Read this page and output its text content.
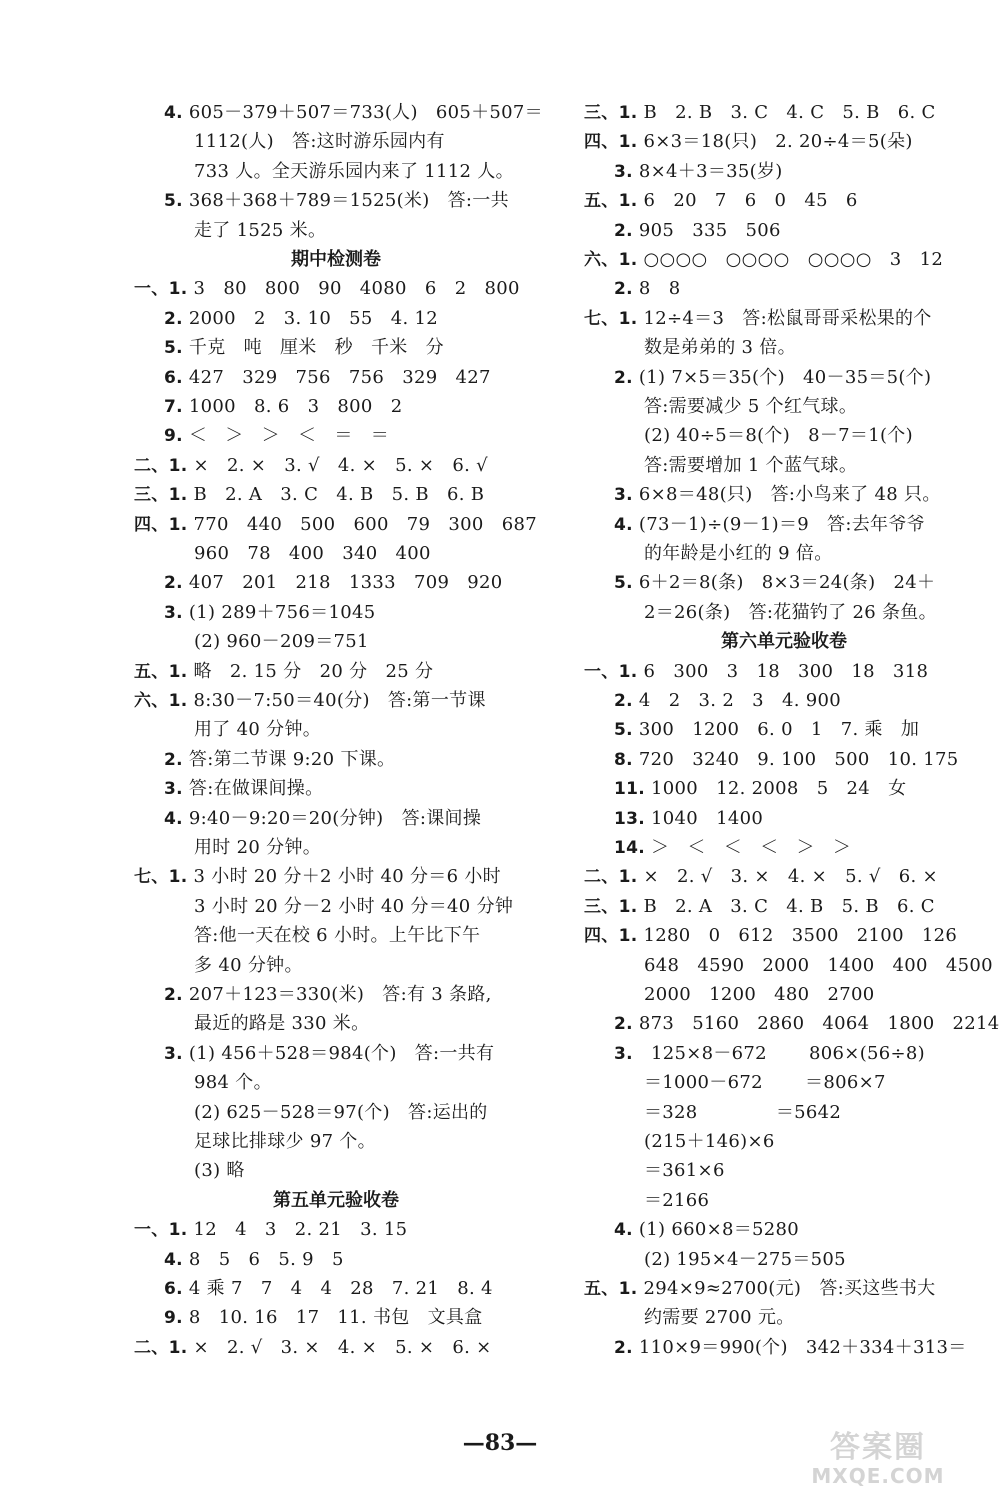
4. 605－379＋507＝733(人)   605＋507＝
1112(人)   答:这时游乐园内有
733 人。全天游乐园内来了 1112 人。
5. 368＋368＋789＝1525(米)   答:一共
走了 1525 米。
期中检测卷
一、1. 3   80   800   90   4080   6   2   800
2. 2000   2   3. 10   55   4. 12
5. 千克   吨   厘米   秒   千米   分
6. 427   329   756   756   329   427
7. 1000   8. 6   3   800   2
9. ＜   ＞   ＞   ＜   ＝   ＝
二、1. ×   2. ×   3. √   4. ×   5. ×   6. √
三、1. B   2. A   3. C   4. B   5. B   6. B
四、1. 770   440   500   600   79   300   687
960   78   400   340   400
2. 407   201   218   1333   709   920
3. (1) 289＋756＝1045
(2) 960－209＝751
五、1. 略   2. 15 分   20 分   25 分
六、1. 8:30－7:50＝40(分)   答:第一节课
用了 40 分钟。
2. 答:第二节课 9:20 下课。
3. 答:在做课间操。
4. 9:40－9:20＝20(分钟)   答:课间操
用时 20 分钟。
七、1. 3 小时 20 分＋2 小时 40 分＝6 小时
3 小时 20 分－2 小时 40 分＝40 分钟
答:他一天在校 6 小时。上午比下午
多 40 分钟。
2. 207＋123＝330(米)   答:有 3 条路,
最近的路是 330 米。
3. (1) 456＋528＝984(个)   答:一共有
984 个。
(2) 625－528＝97(个)   答:运出的
足球比排球少 97 个。
(3) 略
第五单元验收卷
一、1. 12   4   3   2. 21   3. 15
4. 8   5   6   5. 9   5
6. 4 乘 7   7   4   4   28   7. 21   8. 4
9. 8   10. 16   17   11. 书包   文具盒
二、1. ×   2. √   3. ×   4. ×   5. ×   6. ×
三、1. B   2. B   3. C   4. C   5. B   6. C
四、1. 6×3＝18(只)   2. 20÷4＝5(朵)
3. 8×4＋3＝35(岁)
五、1. 6   20   7   6   0   45   6
2. 905   335   506
六、1. ○○○○   ○○○○   ○○○○   3   12
2. 8   8
七、1. 12÷4＝3   答:松鼠哥哥采松果的个
数是弟弟的 3 倍。
2. (1) 7×5＝35(个)   40－35＝5(个)
答:需要减少 5 个红气球。
(2) 40÷5＝8(个)   8－7＝1(个)
答:需要增加 1 个蓝气球。
3. 6×8＝48(只)   答:小鸟来了 48 只。
4. (73－1)÷(9－1)＝9   答:去年爷爷
的年龄是小红的 9 倍。
5. 6＋2＝8(条)   8×3＝24(条)   24＋
2＝26(条)   答:花猫钓了 26 条鱼。
第六单元验收卷
一、1. 6   300   3   18   300   18   318
2. 4   2   3. 2   3   4. 900
5. 300   1200   6. 0   1   7. 乘   加
8. 720   3240   9. 100   500   10. 175
11. 1000   12. 2008   5   24   女
13. 1040   1400
14. ＞   ＜   ＜   ＜   ＞   ＞
二、1. ×   2. √   3. ×   4. ×   5. √   6. ×
三、1. B   2. A   3. C   4. B   5. B   6. C
四、1. 1280   0   612   3500   2100   126
648   4590   2000   1400   400   4500
2000   1200   480   2700
2. 873   5160   2860   4064   1800   2214
3.   125×8－672       806×(56÷8)
＝1000－672       ＝806×7
＝328             ＝5642
(215＋146)×6
＝361×6
＝2166
4. (1) 660×8＝5280
(2) 195×4－275＝505
五、1. 294×9≈2700(元)   答:买这些书大
约需要 2700 元。
2. 110×9＝990(个)   342＋334＋313＝
—83—	答案圈
MXQE.COM
